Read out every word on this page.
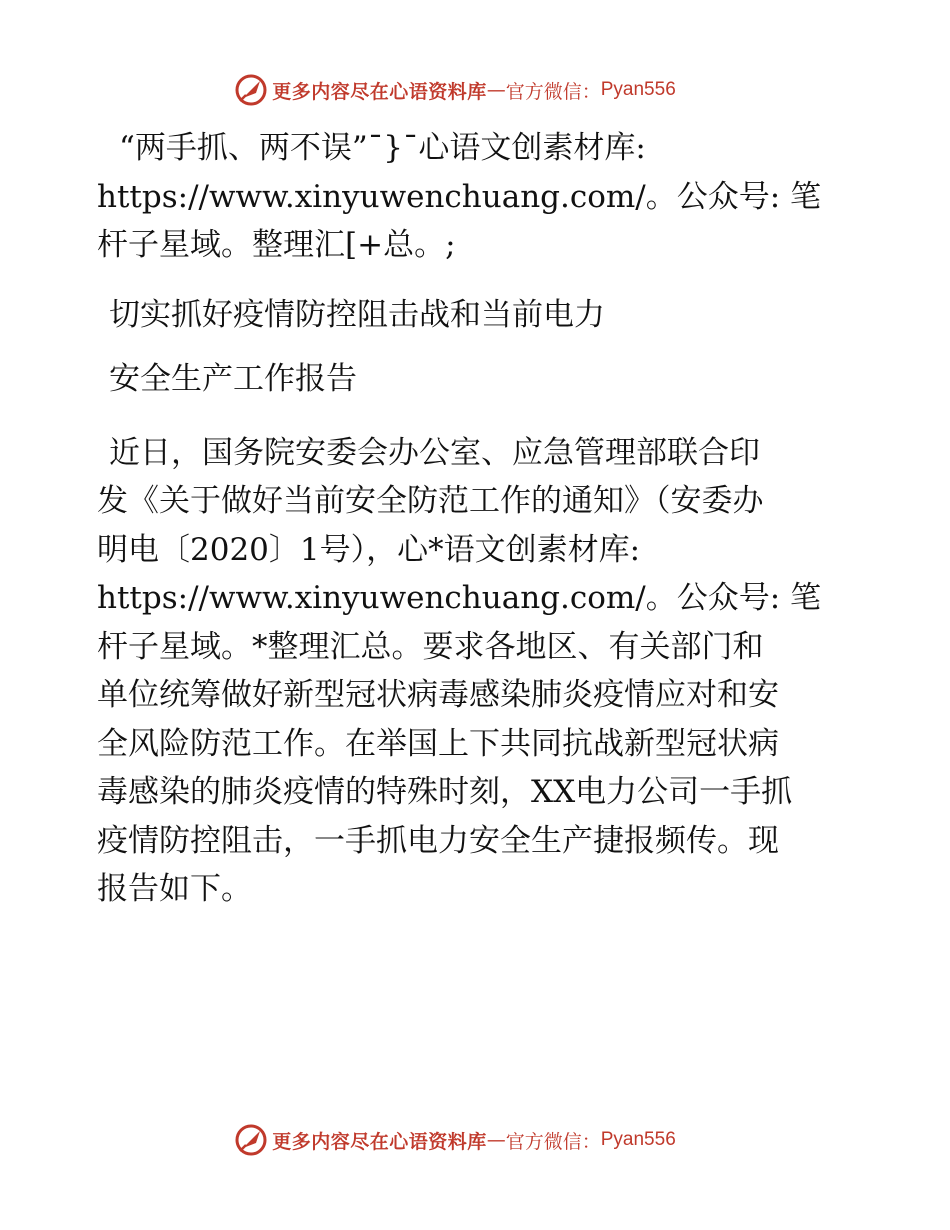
更多内容尽在心语资料库 — 官方微信： Pyan556
“两手抓、两不误”ˉ}ˉ心语文创素材库:
https://www.xinyuwenchuang.com/。公众号: 笔
杆子星域。整理汇[+总。;
切实抓好疫情防控阻击战和当前电力
安全生产工作报告
近日，国务院安委会办公室、应急管理部联合印
发《关于做好当前安全防范工作的通知》（安委办
明电〔2020〕1号），心*语文创素材库:
https://www.xinyuwenchuang.com/。公众号: 笔
杆子星域。*整理汇总。要求各地区、有关部门和
单位统筹做好新型冠状病毒感染肺炎疫情应对和安
全风险防范工作。在举国上下共同抗战新型冠状病
毒感染的肺炎疫情的特殊时刻，XX电力公司一手抓
疫情防控阻击，一手抓电力安全生产捷报频传。现
报告如下。
更多内容尽在心语资料库 — 官方微信： Pyan556
